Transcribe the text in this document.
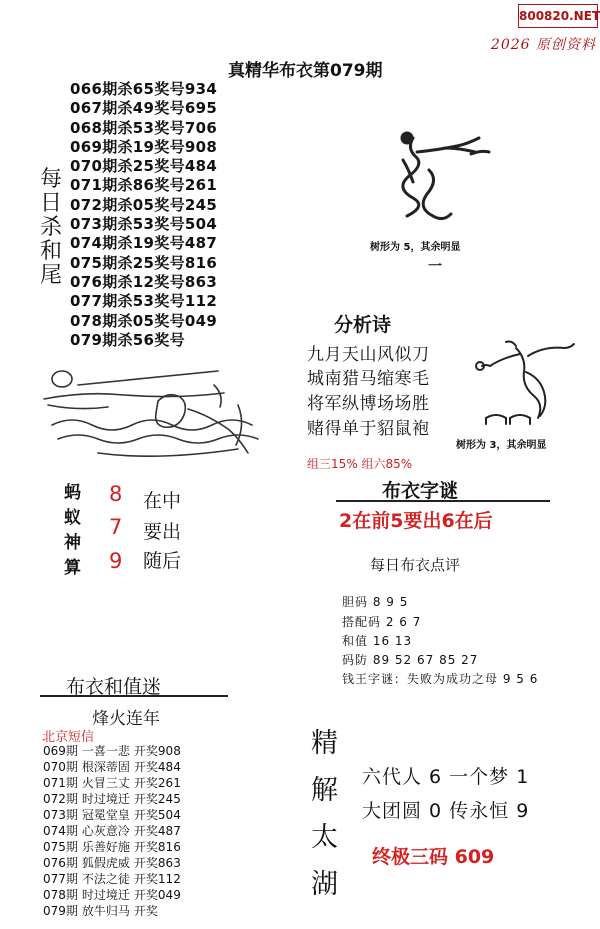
800820.NET
2026 原创资料
真精华布衣第079期
066期杀65奖号934
067期杀49奖号695
068期杀53奖号706
069期杀19奖号908
070期杀25奖号484
071期杀86奖号261
072期杀05奖号245
073期杀53奖号504
074期杀19奖号487
075期杀25奖号816
076期杀12奖号863
077期杀53奖号112
078期杀05奖号049
079期杀56奖号
每日杀和尾
树形为 5，其余明显
一
分析诗
九月天山风似刀
城南猎马缩寒毛
将军纵博场场胜
赌得单于貂鼠袍
树形为 3，其余明显
组三15% 组六85%
蚂 8 在中
蚁 7 要出
神
9 随后
算
布衣字谜
2在前5要出6在后
每日布衣点评
胆码 8 9 5
搭配码 2 6 7
和值 16 13
码防 89 52 67 85 27
钱王字谜：失败为成功之母 9 5 6
布衣和值迷
烽火连年
北京短信
069期 一喜一悲 开奖908
070期 根深蒂固 开奖484
071期 火冒三丈 开奖261
072期 时过境迁 开奖245
073期 冠冕堂皇 开奖504
074期 心灰意冷 开奖487
075期 乐善好施 开奖816
076期 狐假虎威 开奖863
077期 不法之徒 开奖112
078期 时过境迁 开奖049
079期 放牛归马 开奖
精解太湖
六代人 6 一个梦 1
大团圆 0 传永恒 9
终极三码 609
